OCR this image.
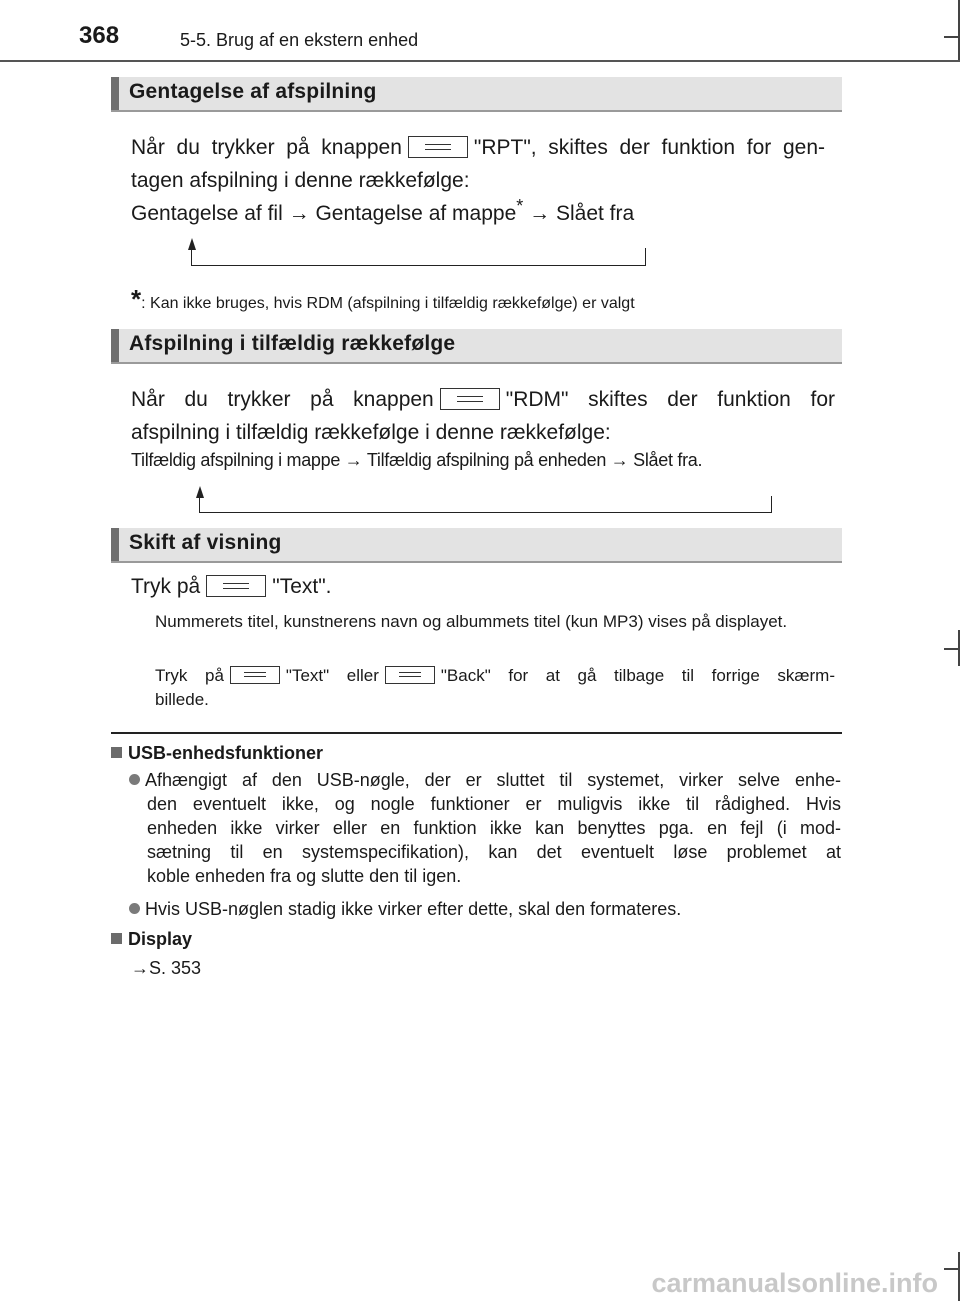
368	5-5. Brug af en ekstern enhed
Gentagelse af afspilning
Når du trykker på knappen	"RPT", skiftes der funktion for gen-
tagen afspilning i denne rækkefølge:
Gentagelse af fil → Gentagelse af mappe* → Slået fra
*: Kan ikke bruges, hvis RDM (afspilning i tilfældig rækkefølge) er valgt
Afspilning i tilfældig rækkefølge
Når du trykker på knappen	"RDM" skiftes der funktion for
afspilning i tilfældig rækkefølge i denne rækkefølge:
Tilfældig afspilning i mappe → Tilfældig afspilning på enheden → Slået fra.
Skift af visning
Tryk på	"Text".
Nummerets titel, kunstnerens navn og albummets titel (kun MP3) vises på displayet.
Tryk på	"Text" eller	"Back" for at gå tilbage til forrige skærm-
billede.
USB-enhedsfunktioner
Afhængigt af den USB-nøgle, der er sluttet til systemet, virker selve enhe-
den eventuelt ikke, og nogle funktioner er muligvis ikke til rådighed. Hvis
enheden ikke virker eller en funktion ikke kan benyttes pga. en fejl (i mod-
sætning til en systemspecifikation), kan det eventuelt løse problemet at
koble enheden fra og slutte den til igen.
Hvis USB-nøglen stadig ikke virker efter dette, skal den formateres.
Display
→S. 353
carmanualsonline.info
